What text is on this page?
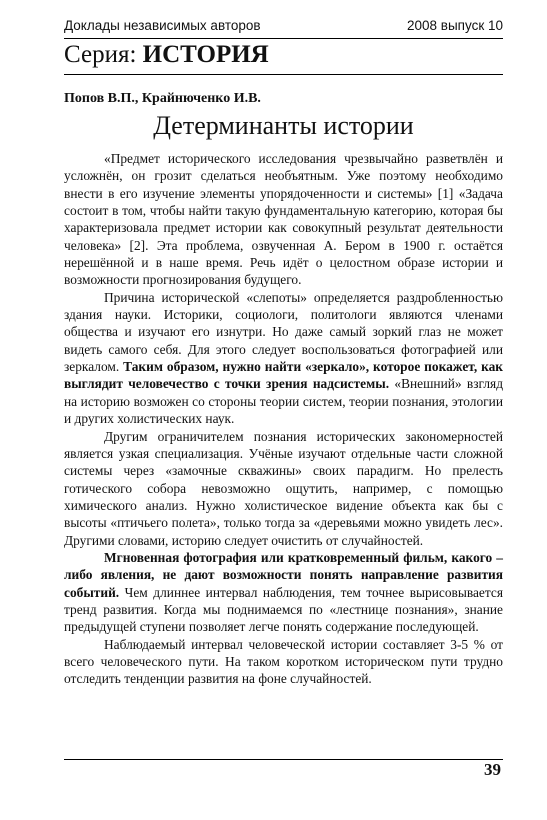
Доклады независимых авторов	2008 выпуск 10
Серия: ИСТОРИЯ
Попов В.П., Крайнюченко И.В.
Детерминанты истории

«Предмет исторического исследования чрезвычайно разветвлён и усложнён, он грозит сделаться необъятным. Уже поэтому необходимо внести в его изучение элементы упорядоченности и системы» [1] «Задача состоит в том, чтобы найти такую фундаментальную категорию, которая бы характеризовала предмет истории как совокупный результат деятельности человека» [2]. Эта проблема, озвученная А. Бером в 1900 г. остаётся нерешённой и в наше время. Речь идёт о целостном образе истории и возможности прогнозирования будущего.

Причина исторической «слепоты» определяется раздробленностью здания науки. Историки, социологи, политологи являются членами общества и изучают его изнутри. Но даже самый зоркий глаз не может видеть самого себя. Для этого следует воспользоваться фотографией или зеркалом. Таким образом, нужно найти «зеркало», которое покажет, как выглядит человечество с точки зрения надсистемы. «Внешний» взгляд на историю возможен со стороны теории систем, теории познания, этологии и других холистических наук.

Другим ограничителем познания исторических закономерностей является узкая специализация. Учёные изучают отдельные части сложной системы через «замочные скважины» своих парадигм. Но прелесть готического собора невозможно ощутить, например, с помощью химического анализ. Нужно холистическое видение объекта как бы с высоты «птичьего полета», только тогда за «деревьями можно увидеть лес». Другими словами, историю следует очистить от случайностей.

Мгновенная фотография или кратковременный фильм, какого – либо явления, не дают возможности понять направление развития событий. Чем длиннее интервал наблюдения, тем точнее вырисовывается тренд развития. Когда мы поднимаемся по «лестнице познания», знание предыдущей ступени позволяет легче понять содержание последующей.

Наблюдаемый интервал человеческой истории составляет 3-5 % от всего человеческого пути. На таком коротком историческом пути трудно отследить тенденции развития на фоне случайностей.

39
